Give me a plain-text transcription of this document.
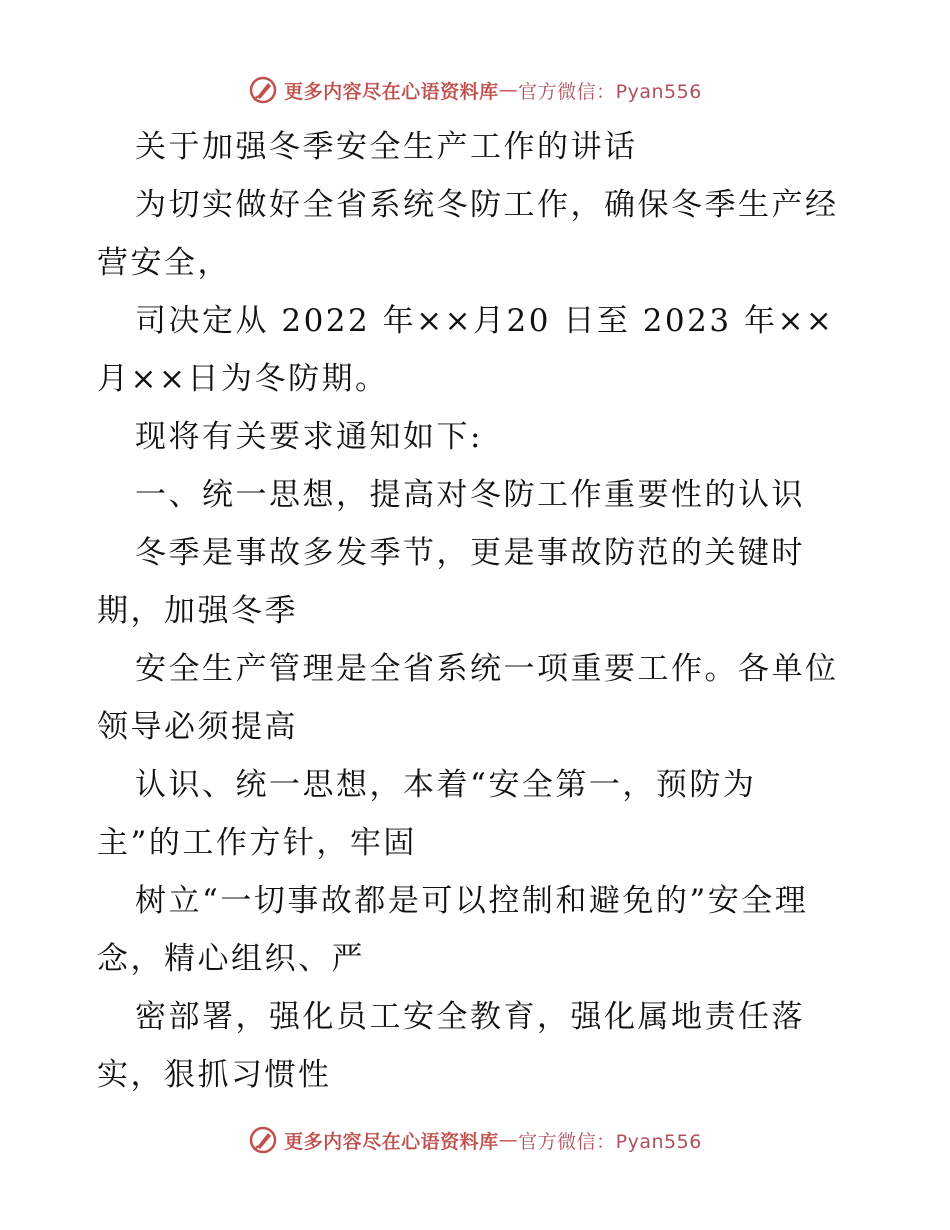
更多内容尽在心语资料库 — 官方微信：Pyan556
关于加强冬季安全生产工作的讲话
为切实做好全省系统冬防工作，确保冬季生产经
营安全，
司决定从 2022 年××月20 日至 2023 年××
月××日为冬防期。
现将有关要求通知如下:
一、统一思想，提高对冬防工作重要性的认识
冬季是事故多发季节，更是事故防范的关键时
期，加强冬季
安全生产管理是全省系统一项重要工作。各单位
领导必须提高
认识、统一思想，本着“安全第一，预防为
主”的工作方针，牢固
树立“一切事故都是可以控制和避免的”安全理
念，精心组织、严
密部署，强化员工安全教育，强化属地责任落
实，狠抓习惯性
更多内容尽在心语资料库 — 官方微信：Pyan556
